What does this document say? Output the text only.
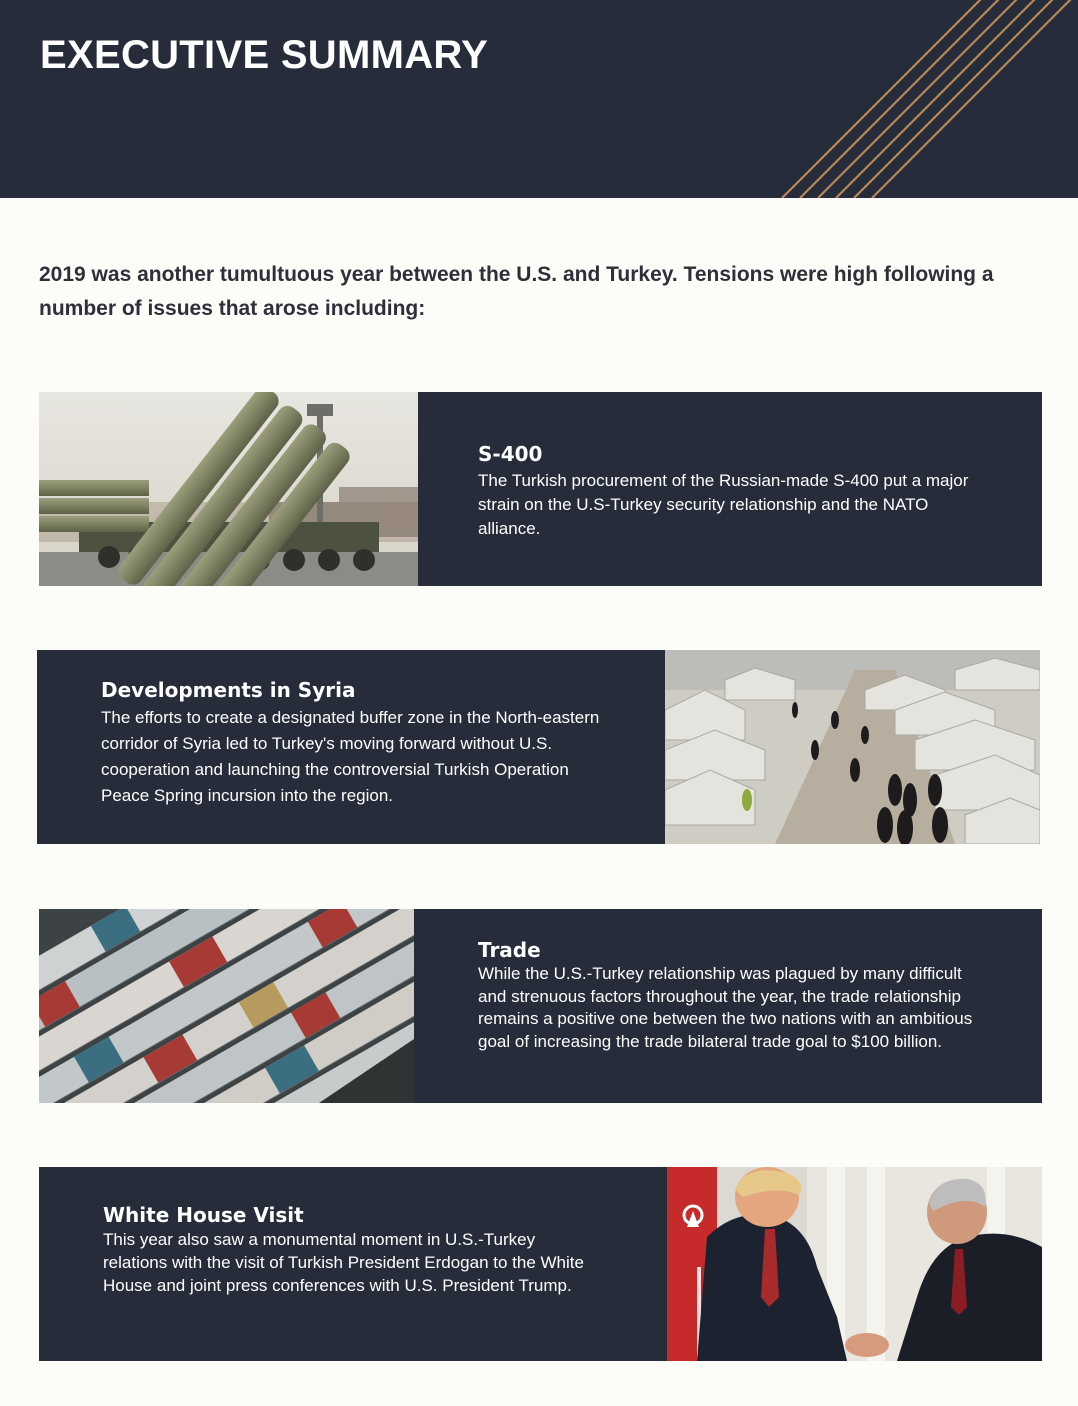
EXECUTIVE SUMMARY
2019 was another tumultuous year between the U.S. and Turkey. Tensions were high following a number of issues that arose including:
S-400
The Turkish procurement of the Russian-made S-400 put a major strain on the U.S-Turkey security relationship and the NATO alliance.
Developments in Syria
The efforts to create a designated buffer zone in the North-eastern corridor of Syria led to Turkey's moving forward without U.S. cooperation and launching the controversial Turkish Operation Peace Spring incursion into the region.
Trade
While the U.S.-Turkey relationship was plagued by many difficult and strenuous factors throughout the year, the trade relationship remains a positive one between the two nations with an ambitious goal of increasing the trade bilateral trade goal to $100 billion.
White House Visit
This year also saw a monumental moment in U.S.-Turkey relations with the visit of Turkish President Erdogan to the White House and joint press conferences with U.S. President Trump.
